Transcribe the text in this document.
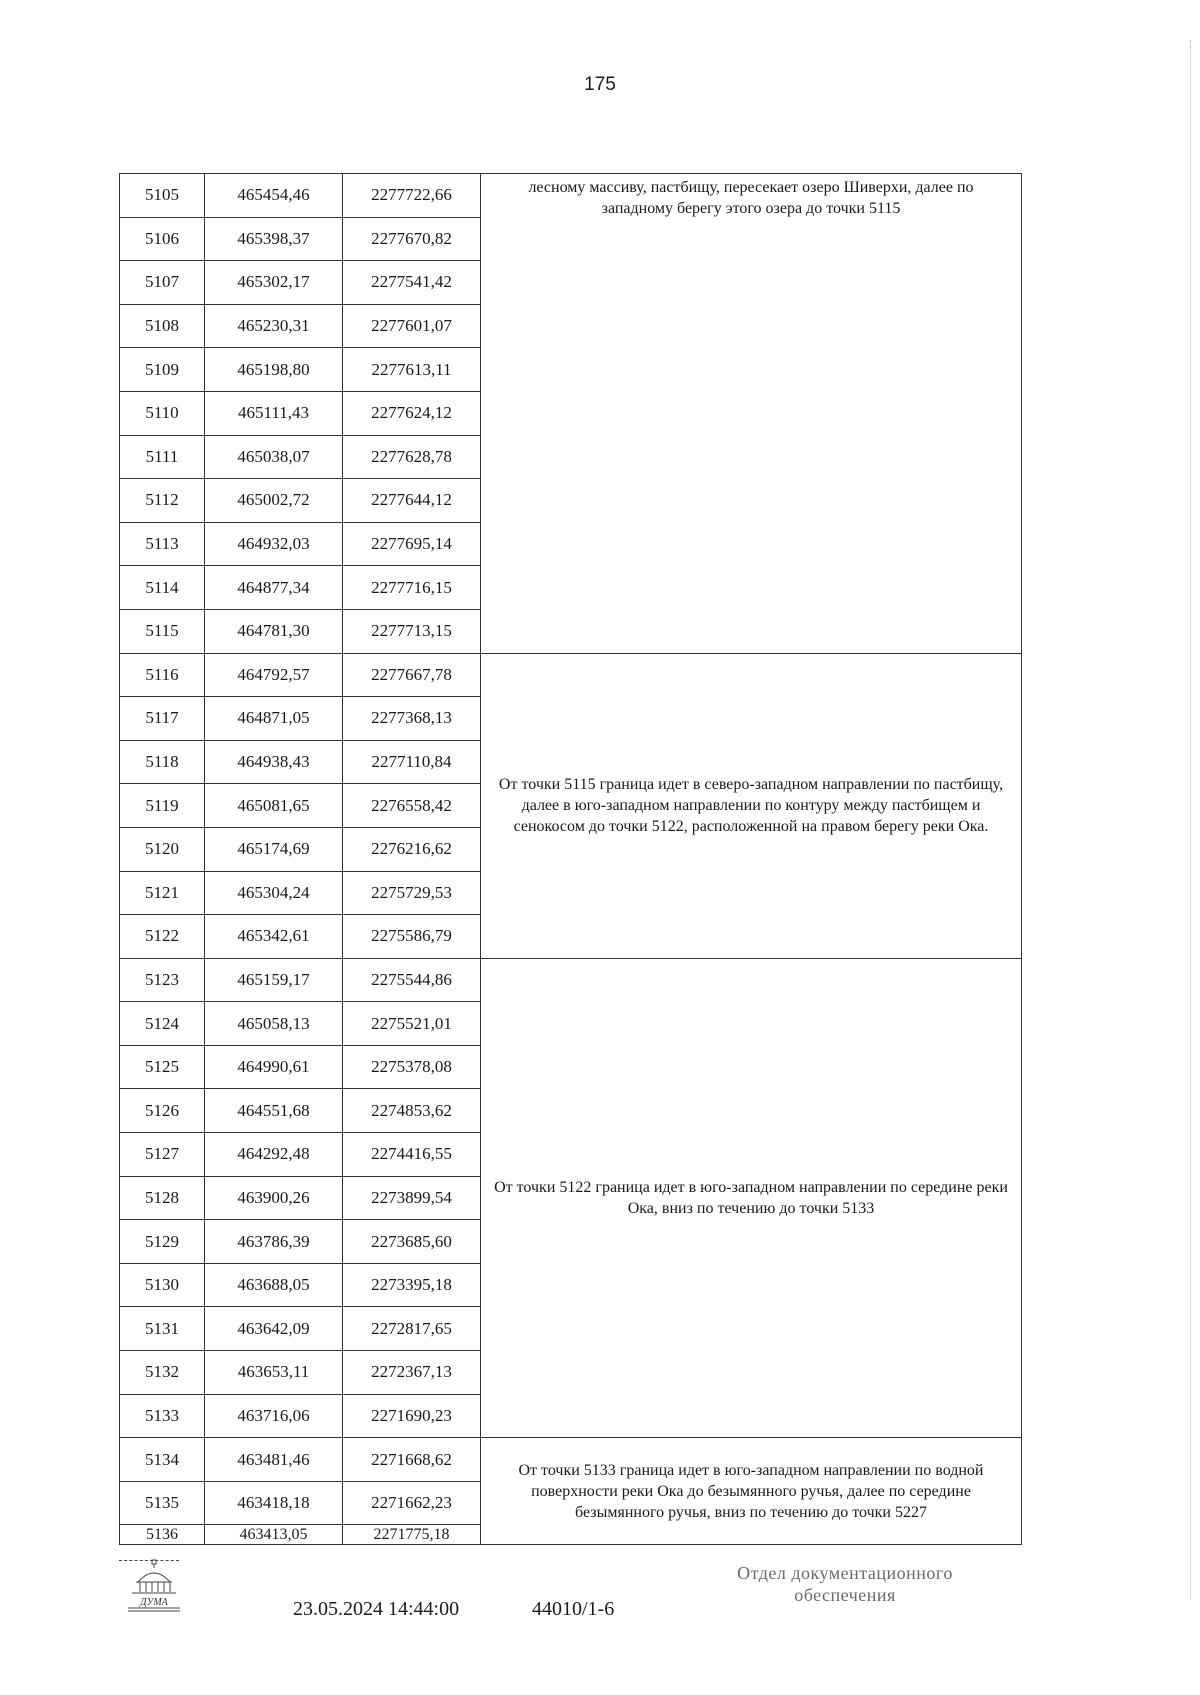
175
5105	465454,46	2277722,66	лесному массиву, пастбищу, пересекает озеро Шиверхи, далее по западному берегу этого озера до точки 5115
5106	465398,37	2277670,82	
5107	465302,17	2277541,42	
5108	465230,31	2277601,07	
5109	465198,80	2277613,11	
5110	465111,43	2277624,12	
5111	465038,07	2277628,78	
5112	465002,72	2277644,12	
5113	464932,03	2277695,14	
5114	464877,34	2277716,15	
5115	464781,30	2277713,15	
5116	464792,57	2277667,78	От точки 5115 граница идет в северо-западном направлении по пастбищу, далее в юго-западном направлении по контуру между пастбищем и сенокосом до точки 5122, расположенной на правом берегу реки Ока.
5117	464871,05	2277368,13	
5118	464938,43	2277110,84	
5119	465081,65	2276558,42	
5120	465174,69	2276216,62	
5121	465304,24	2275729,53	
5122	465342,61	2275586,79	
5123	465159,17	2275544,86	От точки 5122 граница идет в юго-западном направлении по середине реки Ока, вниз по течению до точки 5133
5124	465058,13	2275521,01	
5125	464990,61	2275378,08	
5126	464551,68	2274853,62	
5127	464292,48	2274416,55	
5128	463900,26	2273899,54	
5129	463786,39	2273685,60	
5130	463688,05	2273395,18	
5131	463642,09	2272817,65	
5132	463653,11	2272367,13	
5133	463716,06	2271690,23	
5134	463481,46	2271668,62	От точки 5133 граница идет в юго-западном направлении по водной поверхности реки Ока до безымянного ручья, далее по середине безымянного ручья, вниз по течению до точки 5227
5135	463418,18	2271662,23	
5136	463413,05	2271775,18	
ДУМА	23.05.2024 14:44:00	44010/1-6
Отдел документационного
обеспечения
